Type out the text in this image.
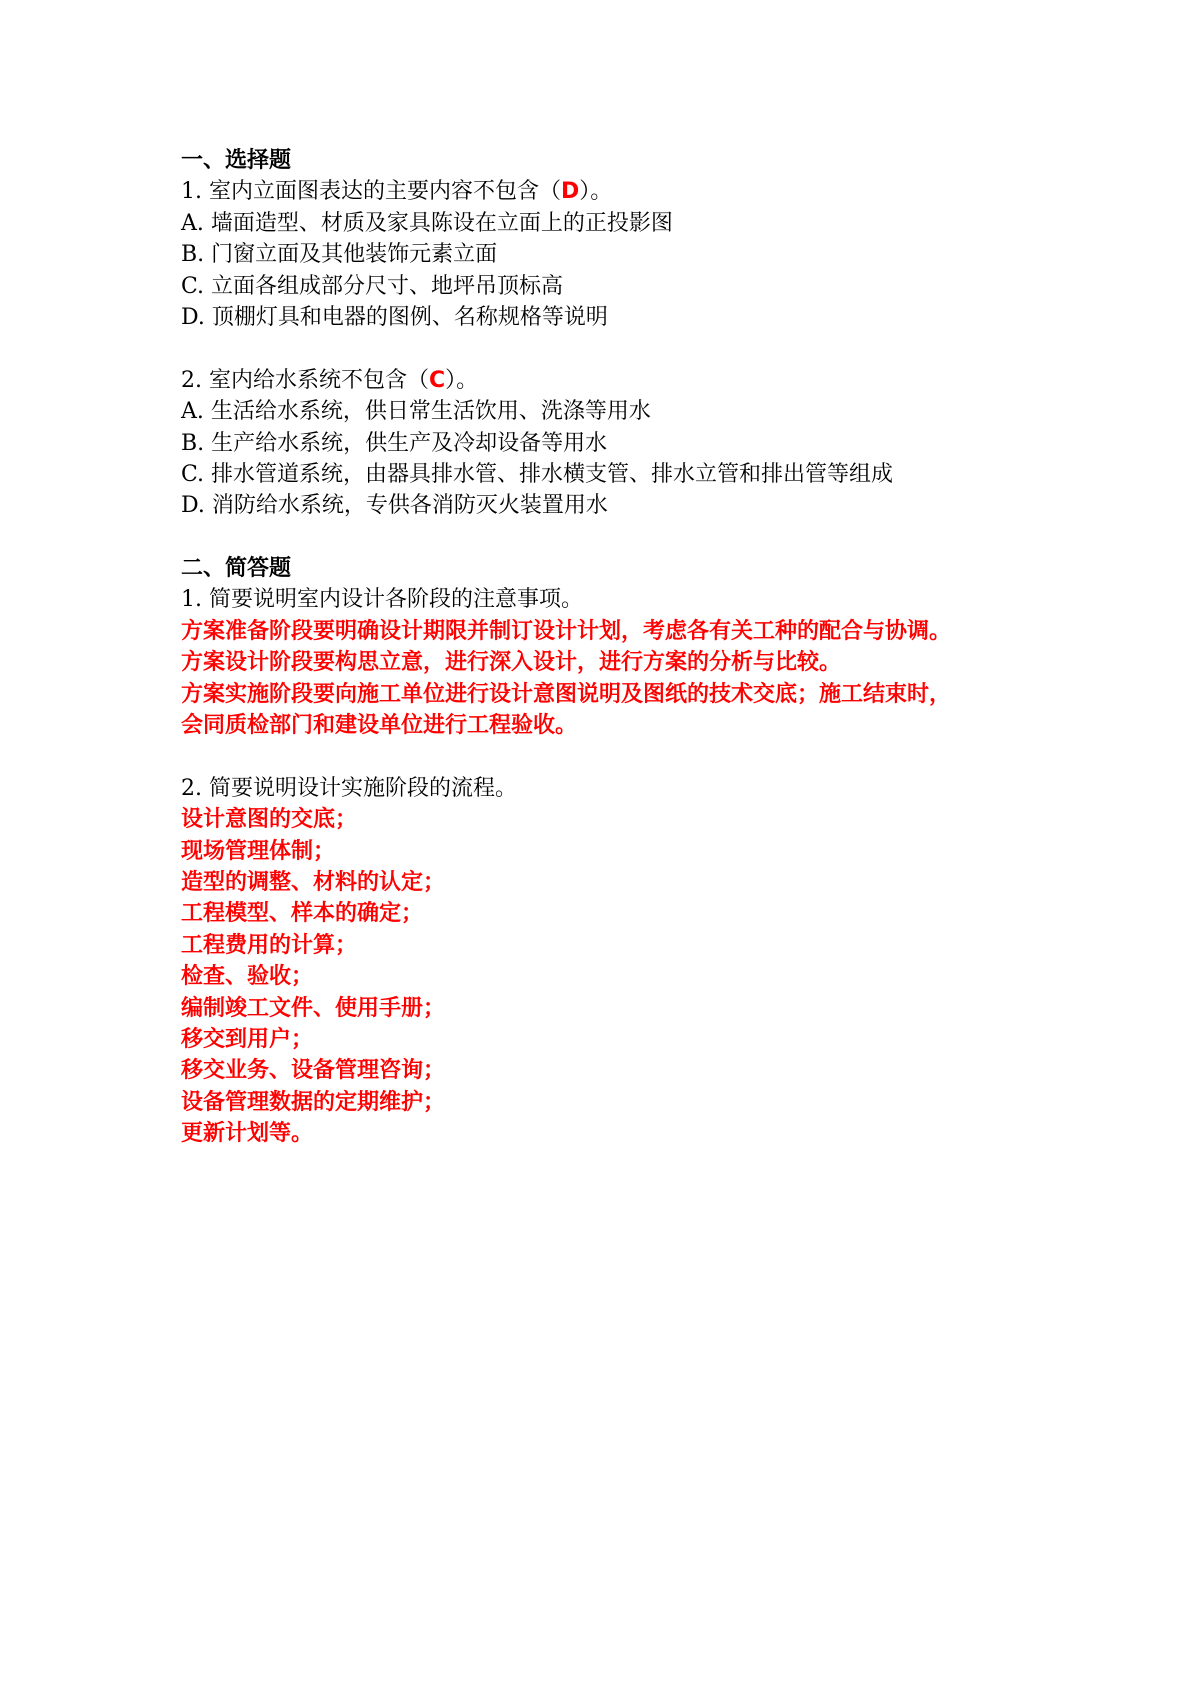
一、选择题
1. 室内立面图表达的主要内容不包含（D）。
A. 墙面造型、材质及家具陈设在立面上的正投影图
B. 门窗立面及其他装饰元素立面
C. 立面各组成部分尺寸、地坪吊顶标高
D. 顶棚灯具和电器的图例、名称规格等说明
2. 室内给水系统不包含（C）。
A. 生活给水系统，供日常生活饮用、洗涤等用水
B. 生产给水系统，供生产及冷却设备等用水
C. 排水管道系统，由器具排水管、排水横支管、排水立管和排出管等组成
D. 消防给水系统，专供各消防灭火装置用水
二、简答题
1. 简要说明室内设计各阶段的注意事项。
方案准备阶段要明确设计期限并制订设计计划，考虑各有关工种的配合与协调。
方案设计阶段要构思立意，进行深入设计，进行方案的分析与比较。
方案实施阶段要向施工单位进行设计意图说明及图纸的技术交底；施工结束时，
会同质检部门和建设单位进行工程验收。
2. 简要说明设计实施阶段的流程。
设计意图的交底；
现场管理体制；
造型的调整、材料的认定；
工程模型、样本的确定；
工程费用的计算；
检查、验收；
编制竣工文件、使用手册；
移交到用户；
移交业务、设备管理咨询；
设备管理数据的定期维护；
更新计划等。
